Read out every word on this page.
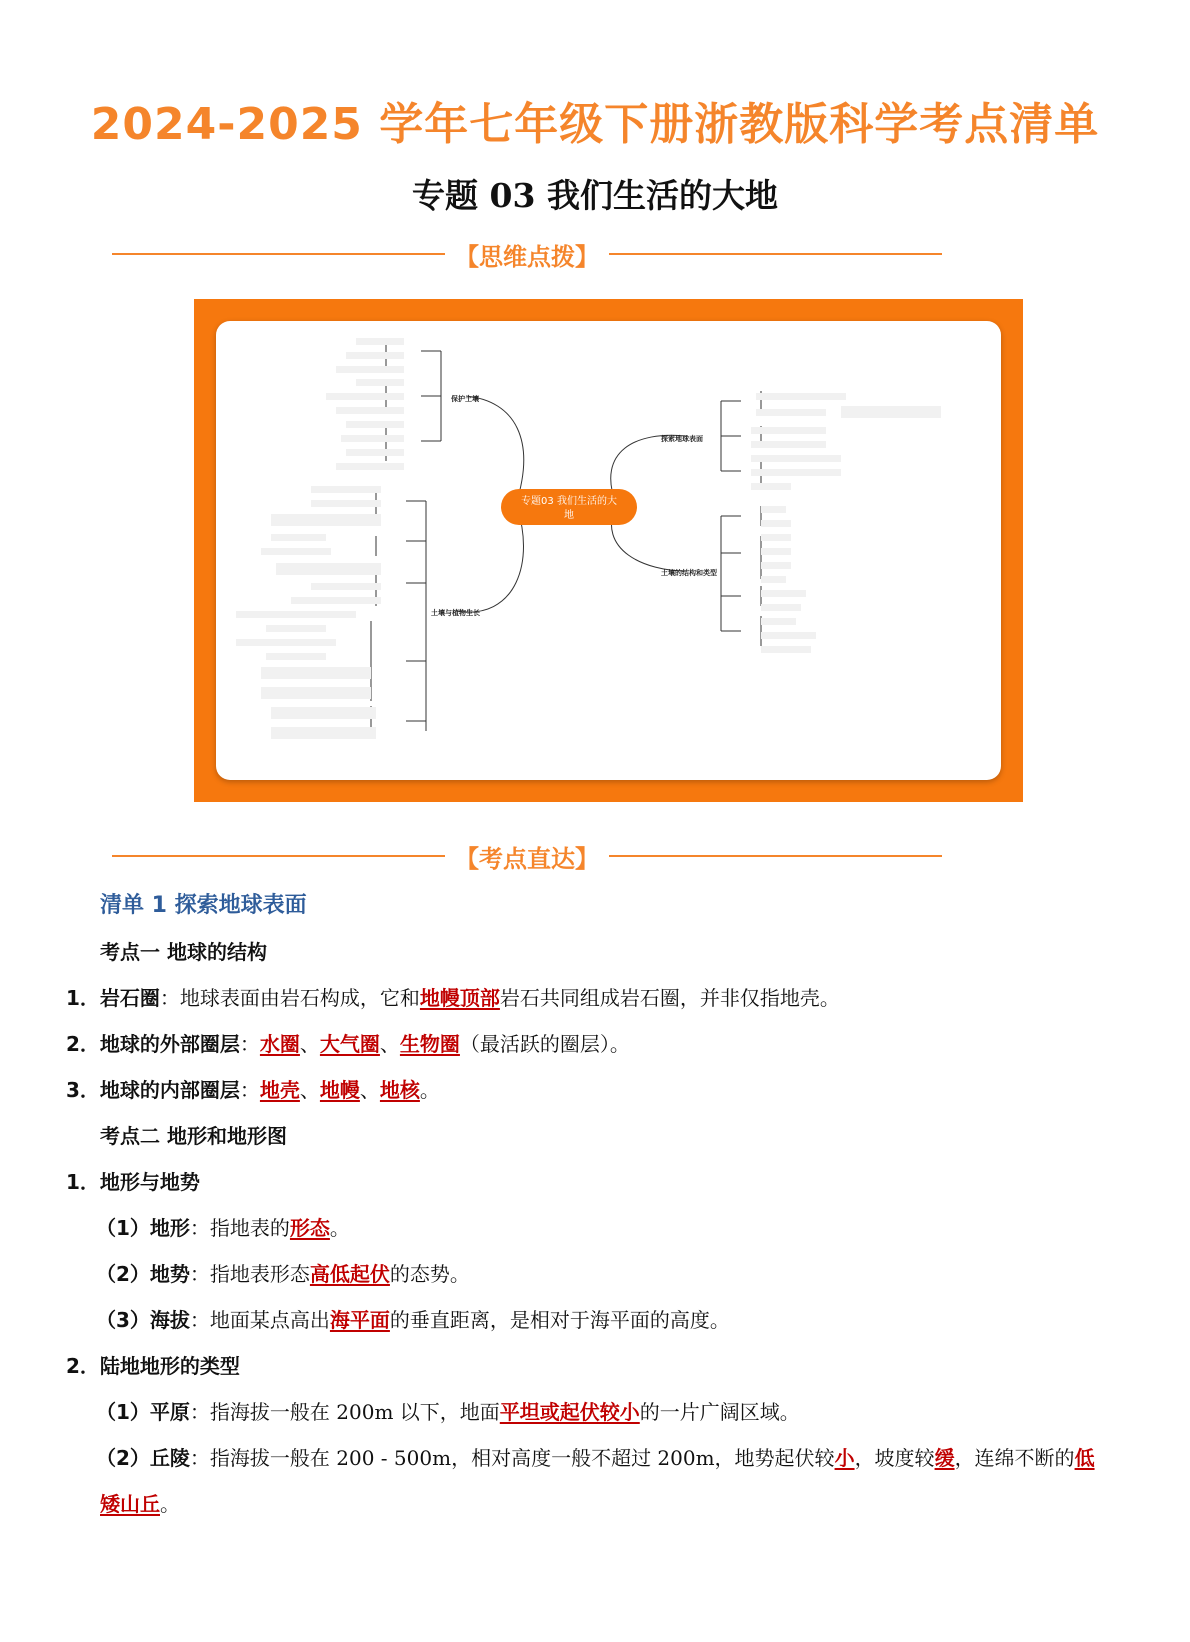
2024-2025 学年七年级下册浙教版科学考点清单
专题 03 我们生活的大地
【思维点拨】
专题03 我们生活的大
地
保护土壤
土壤与植物生长
探索地球表面
土壤的结构和类型
【考点直达】
清单 1 探索地球表面
考点一 地球的结构

1．岩石圈：地球表面由岩石构成，它和地幔顶部岩石共同组成岩石圈，并非仅指地壳。

2．地球的外部圈层：水圈、大气圈、生物圈（最活跃的圈层）。

3．地球的内部圈层：地壳、地幔、地核。

考点二 地形和地形图

1．地形与地势

（1）地形：指地表的形态。

（2）地势：指地表形态高低起伏的态势。

（3）海拔：地面某点高出海平面的垂直距离，是相对于海平面的高度。

2．陆地地形的类型

（1）平原：指海拔一般在 200m 以下，地面平坦或起伏较小的一片广阔区域。

（2）丘陵：指海拔一般在 200 - 500m，相对高度一般不超过 200m，地势起伏较小，坡度较缓，连绵不断的低

矮山丘。
